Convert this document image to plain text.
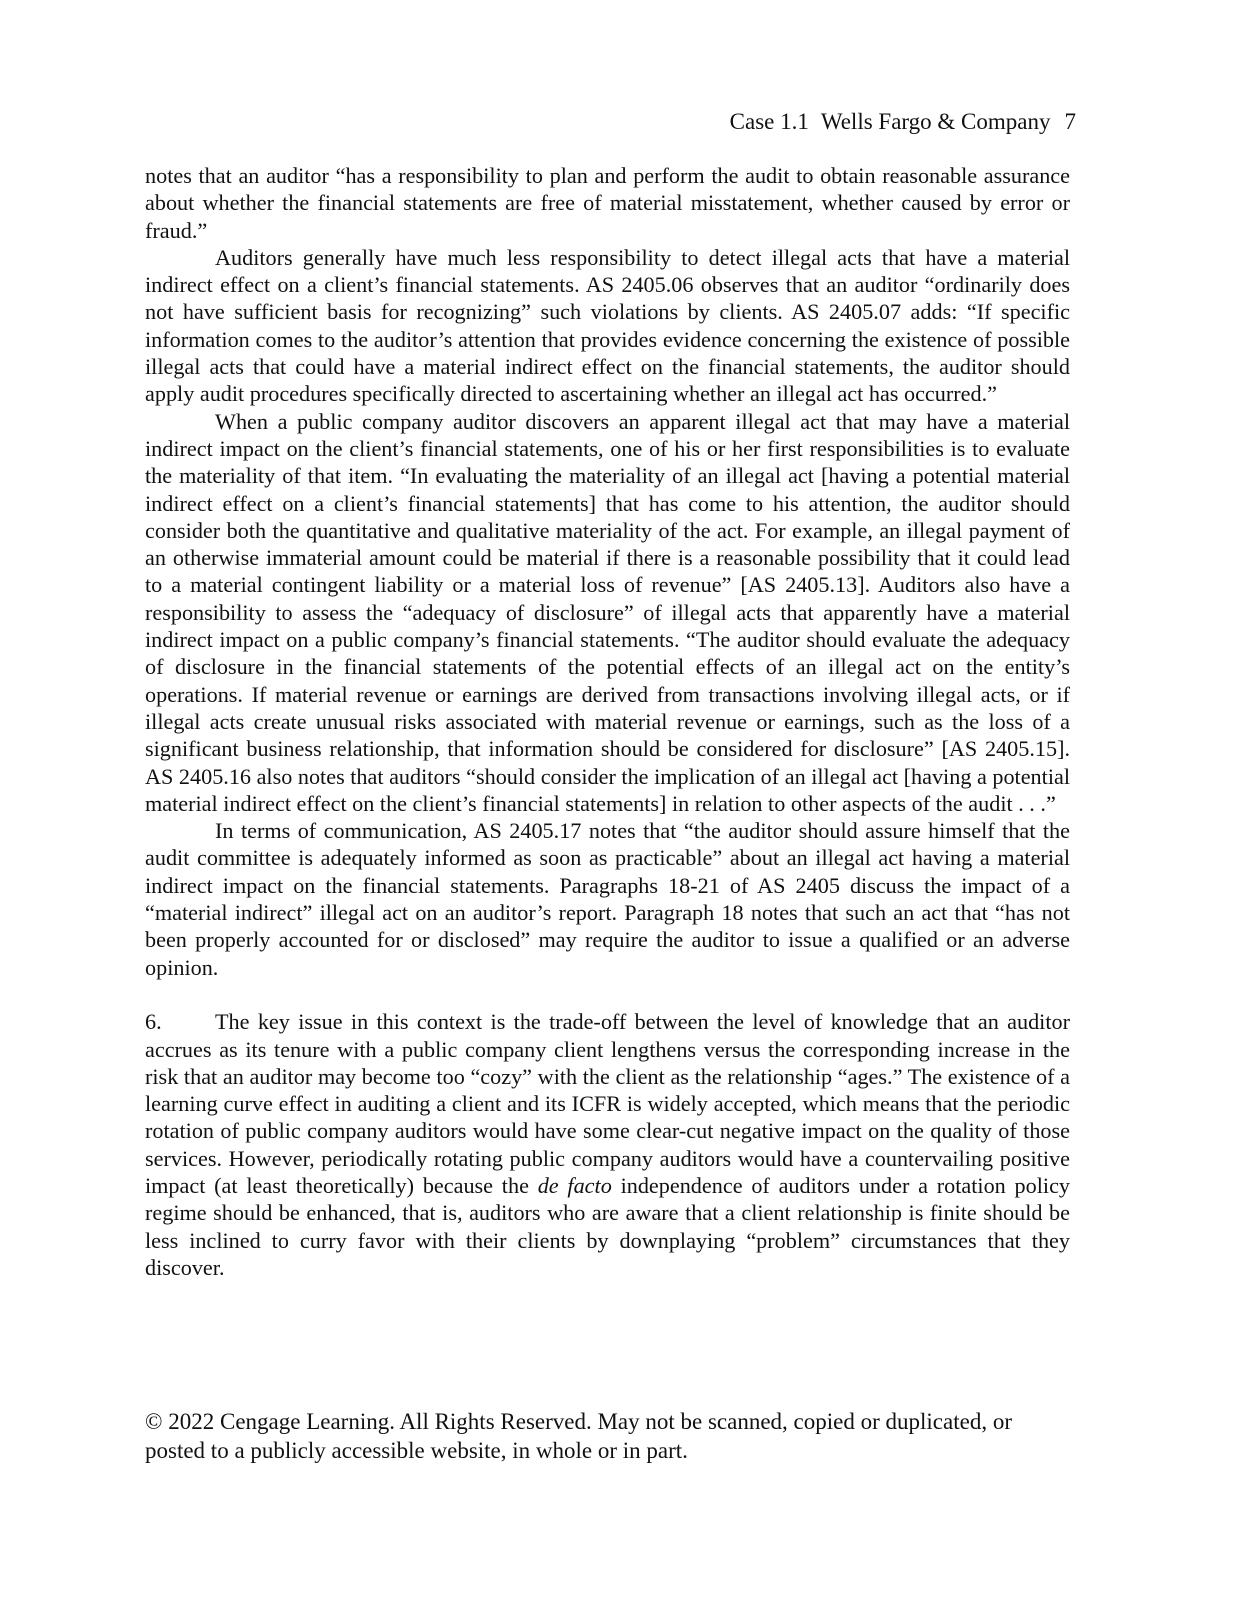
Case 1.1 Wells Fargo & Company 7

notes that an auditor “has a responsibility to plan and perform the audit to obtain reasonable assurance about whether the financial statements are free of material misstatement, whether caused by error or fraud.”

Auditors generally have much less responsibility to detect illegal acts that have a material indirect effect on a client’s financial statements. AS 2405.06 observes that an auditor “ordinarily does not have sufficient basis for recognizing” such violations by clients. AS 2405.07 adds: “If specific information comes to the auditor’s attention that provides evidence concerning the existence of possible illegal acts that could have a material indirect effect on the financial statements, the auditor should apply audit procedures specifically directed to ascertaining whether an illegal act has occurred.”

When a public company auditor discovers an apparent illegal act that may have a material indirect impact on the client’s financial statements, one of his or her first responsibilities is to evaluate the materiality of that item. “In evaluating the materiality of an illegal act [having a potential material indirect effect on a client’s financial statements] that has come to his attention, the auditor should consider both the quantitative and qualitative materiality of the act. For example, an illegal payment of an otherwise immaterial amount could be material if there is a reasonable possibility that it could lead to a material contingent liability or a material loss of revenue” [AS 2405.13]. Auditors also have a responsibility to assess the “adequacy of disclosure” of illegal acts that apparently have a material indirect impact on a public company’s financial statements. “The auditor should evaluate the adequacy of disclosure in the financial statements of the potential effects of an illegal act on the entity’s operations. If material revenue or earnings are derived from transactions involving illegal acts, or if illegal acts create unusual risks associated with material revenue or earnings, such as the loss of a significant business relationship, that information should be considered for disclosure” [AS 2405.15]. AS 2405.16 also notes that auditors “should consider the implication of an illegal act [having a potential material indirect effect on the client’s financial statements] in relation to other aspects of the audit . . .”

In terms of communication, AS 2405.17 notes that “the auditor should assure himself that the audit committee is adequately informed as soon as practicable” about an illegal act having a material indirect impact on the financial statements. Paragraphs 18-21 of AS 2405 discuss the impact of a “material indirect” illegal act on an auditor’s report. Paragraph 18 notes that such an act that “has not been properly accounted for or disclosed” may require the auditor to issue a qualified or an adverse opinion.

6. The key issue in this context is the trade-off between the level of knowledge that an auditor accrues as its tenure with a public company client lengthens versus the corresponding increase in the risk that an auditor may become too “cozy” with the client as the relationship “ages.” The existence of a learning curve effect in auditing a client and its ICFR is widely accepted, which means that the periodic rotation of public company auditors would have some clear-cut negative impact on the quality of those services. However, periodically rotating public company auditors would have a countervailing positive impact (at least theoretically) because the de facto independence of auditors under a rotation policy regime should be enhanced, that is, auditors who are aware that a client relationship is finite should be less inclined to curry favor with their clients by downplaying “problem” circumstances that they discover.

© 2022 Cengage Learning. All Rights Reserved. May not be scanned, copied or duplicated, or

posted to a publicly accessible website, in whole or in part.
